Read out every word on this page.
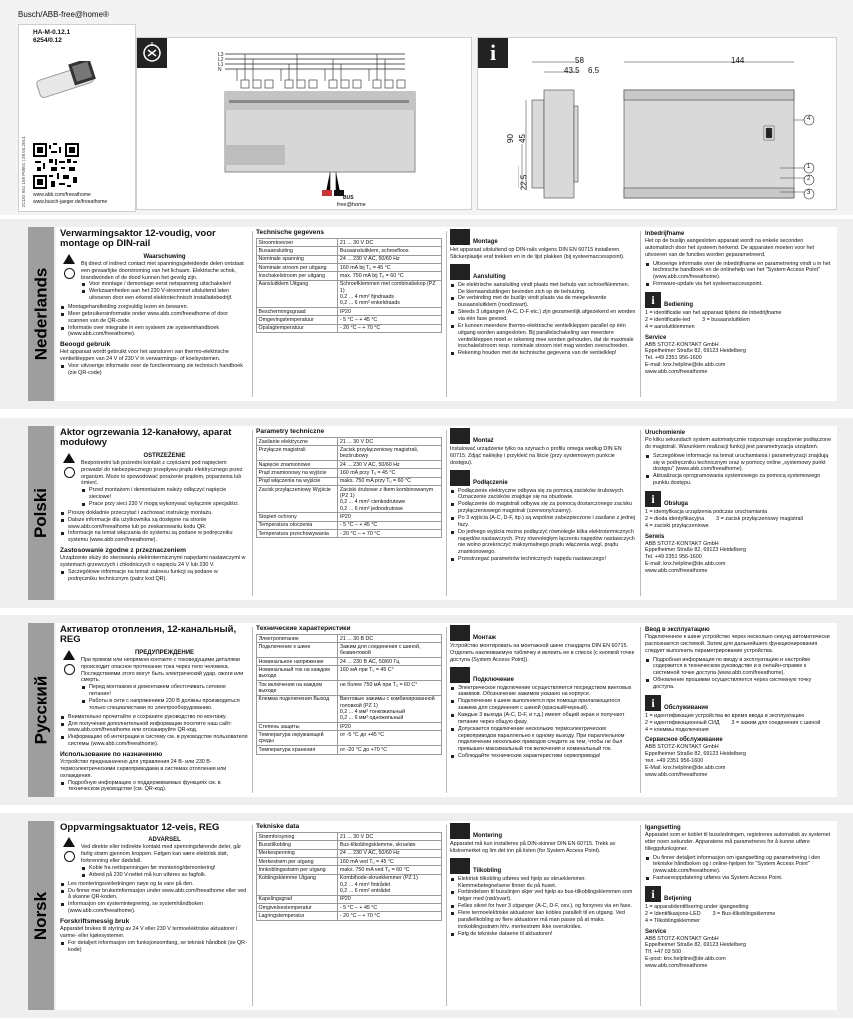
2CDG 941 158 P0001 | 28.04.2014
HA-M-0.12.1
6254/0.12
www.abb.com/freeathome
www.busch-jaeger.de/freeathome
Busch/ABB-free@home®
L3
L2
L1
N
BUS
free@home
i	58
43.5 6.5
144
90 45
22.5
4
1
2
3
Nederlands
Verwarmingsaktor 12-voudig, voor montage op DIN-rail
Waarschuwing

Bij direct of indirect contact met spanningsgeleidende delen ontstaat een gevaarlijke doorstroming van het lichaam. Elektrische schok, brandwonden of de dood kunnen het gevolg zijn.

Voor montage / demontage eerst netspanning uitschakelen!
Werkzaamheden aan het 230 V-stroomnet uitsluitend laten uitvoeren door een erkend elektrotechnisch installatiebedrijf.
Montagehandleiding zorgvuldig lezen en bewaren.
Meer gebruikersinformatie onder www.abb.com/freeathome of door scannen van de QR-code.
Informatie over integratie in een systeem zie systeemhandboek (www.abb.com/freeathome).
Beoogd gebruik

Het apparaat wordt gebruikt voor het aansturen van thermo-elektrische ventielkleppen van 24 V of 230 V in verwarmings- of koelsystemen.

Voor uitvoerige informatie over de functieomvang zie technisch handboek (zie QR-code)
Technische gegevens
Stroomtoevoer	21 ... 30 V DC
Busaansluiting	Busaansluitklem, schroefloos
Nominale spanning	24 ... 230 V AC, 50/60 Hz
Nominale stroom per uitgang	160 mA bij Tᵤ = 45 °C
Inschakelstroom per uitgang	max. 750 mA bij Tᵤ = 60 °C
Aansluitklem Uitgang	Schroefklemmen met combinatiekop (PZ 1)
0,2 ... 4 mm² fijndraads
0,2 ... 6 mm² enkeldraads
Beschermingsgraad	IP20
Omgevingstemperatuur	- 5 °C – + 45 °C
Opslagtemperatuur	- 20 °C – + 70 °C
Montage

Het apparaat uitsluitend op DIN-rails volgens DIN EN 60715 installeren. Stickerplaatje eraf trekken en in de lijst plakken (bij systeemaccesspoint).

Aansluiting
De elektrische aansluiting vindt plaats met behulp van schroefklemmen. De klemaanduidingen bevinden zich op de behuizing.
De verbinding met de buslijn vindt plaats via de meegeleverde busaansluitklem (rood/zwart).
Steeds 3 uitgangen (A-C, D-F etc.) zijn gezamenlijk afgezekerd en worden via één fase gevoed.
Er kunnen meerdere thermo-elektrische ventielkleppen parallel op één uitgang worden aangesloten. Bij parallelschakeling van meerdere ventielkleppen moet er rekening mee worden gehouden, dat de maximale inschakelstroom resp. nominale stroom niet mag worden overschreden.
Rekening houden met de technische gegevens van de ventielklep!
Inbedrijfname

Het op de buslijn aangesloten apparaat wordt na enkele seconden automatisch door het systeem herkend. De apparaten moeten voor het uitvoeren van de functies worden geparametreerd.

Uitvoerige informatie over de inbedrijfname en parametrering vindt u in het technische handboek en de onlinehelp van het "System Access Point" (www.abb.com/freeathome).
Firmware-update via het systeemaccesspoint.
i	Bediening

1 = identificatie van het apparaat tijdens de inbedrijfname

2 = identificatie-led        3 = busaansluitklem

4 = aansluitklemmen

Service

ABB STOTZ-KONTAKT GmbH

Eppelheimer Straße 82, 69123 Heidelberg

Tel. +49 2351 956-1600

E-mail: knx.helpline@de.abb.com

www.abb.com/freeathome

Polski
Aktor ogrzewania 12-kanałowy, aparat modułowy
OSTRZEŻENIE

Bezpośredni lub pośredni kontakt z częściami pod napięciem prowadzi do niebezpiecznego przepływu prądu elektrycznego przez organizm. Może to spowodować porażenie prądem, poparzenia lub śmierć.

Przed montażem i demontażem należy odłączyć napięcie sieciowe!
Prace przy sieci 230 V mogą wykonywać wyłącznie specjaliści.
Proszę dokładnie przeczytać i zachować instrukcję montażu.
Dalsze informacje dla użytkownika są dostępne na stronie www.abb.com/freeathome lub po zeskanowaniu kodu QR.
Informacje na temat włączania do systemu są podane w podręczniku systemu (www.abb.com/freeathome).
Zastosowanie zgodne z przeznaczeniem

Urządzenie służy do sterowania elektrotermicznymi napędami nastawczymi w systemach grzewczych i chłodniczych o napięciu 24 V lub 230 V.

Szczegółowe informacje na temat zakresu funkcji są podane w podręczniku technicznym (patrz kod QR).
Parametry techniczne
Zasilanie elektryczne	21 ... 30 V DC
Przyłącze magistrali	Zacisk przyłączeniowy magistrali, bezśrubowy
Napięcie znamionowe	24 ... 230 V AC, 50/60 Hz
Prąd znamionowy na wyjście	160 mA przy Tᵤ = 45 °C
Prąd włączenia na wyjście	maks. 750 mA przy Tᵤ = 60 °C
Zacisk przyłączeniowy Wyjście	Zaciski śrubowe z łbem kombinowanym (PZ 1)
0,2 ... 4 mm² cienkodrutowe
0,2 ... 6 mm² jednodrutowe
Stopień ochrony	IP20
Temperatura otoczenia	- 5 °C – + 45 °C
Temperatura przechowywania	- 20 °C – + 70 °C
Montaż

Instalować urządzenie tylko na szynach o profilu omega według DIN EN 60715. Zdjąć naklejkę i przykleić na liście (przy systemowym punkcie dostępu).

Podłączenie
Podłączenie elektryczne odbywa się za pomocą zacisków śrubowych. Oznaczenie zacisków znajduje się na obudowie.
Podłączenie do magistrali odbywa się za pomocą dostarczonego zacisku przyłączeniowego magistrali (czerwony/czarny).
Po 3 wyjścia (A-C, D-F, itp.) są wspólnie zabezpieczone i zasilane z jednej fazy.
Do jednego wyjścia można podłączyć równolegle kilka elektrotermicznych napędów nastawczych. Przy równoległym łączeniu napędów nastawczych nie wolno przekroczyć maksymalnego prądu włączenia wzgl. prądu znamionowego.
Przestrzegać parametrów technicznych napędu nastawczego!
Uruchomienie

Po kilku sekundach system automatycznie rozpoznaje urządzenie podłączone do magistrali. Warunkiem realizacji funkcji jest parametryzacja urządzeń.

Szczegółowe informacje na temat uruchamiania i parametryzacji znajdują się w podręczniku technicznym oraz w pomocy online „systemowy punkt dostępu" (www.abb.com/freeathome).
Aktualizacja oprogramowania systemowego za pomocą systemowego punktu dostępu.
i	Obsługa

1 = identyfikacja urządzenia podczas uruchamiania

2 = dioda identyfikacyjna        3 = zacisk przyłączeniowy magistrali

4 = zaciski przyłączeniowe

Serwis

ABB STOTZ-KONTAKT GmbH

Eppelheimer Straße 82, 69123 Heidelberg

Tel. +49 2351 956-1600

E-mail: knx.helpline@de.abb.com

www.abb.com/freeathome

Русский
Активатор отопления, 12-канальный, REG
ПРЕДУПРЕЖДЕНИЕ

При прямом или непрямом контакте с токоведущими деталями происходит опасное протекание тока через тело человека. Последствиями этого могут быть электрический удар, ожоги или смерть.

Перед монтажом и демонтажем обесточивать сетевое питание!
Работы в сети с напряжением 230 В должны производиться только специалистами по электрооборудованию.
Внимательно прочитайте и сохраните руководство по монтажу.
Для получения дополнительной информации посетите наш сайт: www.abb.com/freeathome или отсканируйте QR-код.
Информацию об интеграции в систему см. в руководстве пользователя системы (www.abb.com/freeathome).
Использование по назначению

Устройство предназначено для управления 24 В- или 230 В-термоэлектрическими сервоприводами в системах отопления или охлаждения.

Подробную информацию о поддерживаемых функциях см. в техническом руководстве (см. QR-код).
Технические характеристики
Электропитание	21 ... 30 В DC
Подключение к шине	Зажим для соединения с шиной, безвинтовой
Номинальное напряжение	24 ... 230 В AC, 50/60 Гц
Номинальный ток на каждом выходе	160 мА при Tᵤ = 45 C°
Ток включения на каждом выходе	не более 750 мА при Tᵤ = 60 C°
Клемма подключения Выход	Винтовые зажимы с комбинированной головкой (PZ 1)
0,2 ... 4 мм² тонкожильный
0,2 ... 6 мм² одножильный
Степень защиты	IP20
Температура окружающей среды	от -5 °C до +45 °C
Температура хранения	от -20 °C до +70 °C
Монтаж

Устройство монтировать на монтажной шине стандарта DIN EN 60715. Отделить наклеиваемую табличку и вклеить ее в список (с кнопкой точек доступа (System Access Point)).

Подключение
Электрическое подключение осуществляется посредством винтовых зажимов. Обозначение зажимов указано на корпусе.
Подключение к шине выполняется при помощи прилагающегося зажима для соединения с шиной (красный/черный).
Каждые 3 выхода (A-C, D-F, и т.д.) имеют общий экран и получают питание через общую фазу.
Допускается подключение нескольких термоэлектрических сервоприводов параллельно к одному выходу. При параллельном подключении нескольких приводов следите за тем, чтобы не был превышен максимальный ток включения и номинальный ток.
Соблюдайте технические характеристики сервопривода!
Ввод в эксплуатацию

Подключенное к шине устройство через несколько секунд автоматически распознается системой. Затем для дальнейшего функционирования следует выполнить параметрирование устройства.

Подробная информация по вводу в эксплуатацию и настройке содержится в техническом руководстве и в онлайн-справке к системной точке доступа (www.abb.com/freeathome).
Обновление прошивки осуществляется через системную точку доступа.
i	Обслуживание

1 = идентификация устройства во время ввода в эксплуатацию

2 = идентификационный СИД        3 = зажим для соединения с шиной

4 = клеммы подключения

Сервисное обслуживание

ABB STOTZ-KONTAKT GmbH

Eppelheimer Straße 82, 69123 Heidelberg

тел. +49 2351 956-1600

E-Mail: knx.helpline@de.abb.com

www.abb.com/freeathome

Norsk
Oppvarmingsaktuator 12-veis, REG
ADVARSEL

Ved direkte eller indirekte kontakt med spenningsførende deler, går farlig strøm gjennom kroppen. Følgen kan være elektrisk støt, forbrenning eller dødsfall.

Koble fra nettspenningen før montering/demontering!
Arbeid på 230 V-nettet må kun utføres av fagfolk.
Les monteringsveiledningen nøye og ta vare på den.
Du finner mer brukerinformasjon under www.abb.com/freeathome eller ved å skanne QR-koden.
Informasjon om systemintegrering, se systemhåndboken (www.abb.com/freeathome).
Forskriftsmessig bruk

Apparatet brukes til styring av 24 V eller 230 V termoelektriske aktuatorer i varme- eller kjølesystemer.

For detaljert informasjon om funksjonsomfang, se teknisk håndbok (se QR-kode)
Tekniske data
Strømforsyning	21 ... 30 V DC
Busstilkobling	Bus-tilkoblingsklemme, skrueløs
Merkespenning	24 ... 230 V AC, 50/60 Hz
Merkestrøm per utgang	160 mA ved Tᵤ = 45 °C
Innkoblingsstrøm per utgang	maks. 750 mA ved Tᵤ = 60 °C
Koblingsklemme Utgang	Kombihode-skrueklemmer (PZ 1)
0,2 ... 4 mm² fintrådet
0,2 ... 6 mm² entrådet
Kapslingsgrad	IP20
Omgivelsestemperatur	- 5 °C – + 45 °C
Lagringstemperatur	- 20 °C – + 70 °C
Montering

Apparatet må kun installeres på DIN-skinner DIN EN 60715. Trekk av klistremerket og lim det inn på listen (for System Access Point).

Tilkobling
Elektrisk tilkobling utføres ved hjelp av skrueklemmer. Klemmebetegnelsene finner du på huset.
Forbindelsen til busslinjen skjer ved hjelp av bus-tilkoblingsklemmen som følger med (rød/svart).
Felles sikret for hver 3 utganger (A-C, D-F, osv.), og forsynes via en fase.
Flere termoelektriske aktuatorer kan kobles parallelt til en utgang. Ved parallellkobling av flere aktuatorer må man passe på at maks. innkoblingsstrøm hhv. merkestrøm ikke overskrides.
Følg de tekniske dataene til aktuatoren!
Igangsetting

Apparatet som er koblet til bussledningen, registreres automatisk av systemet etter noen sekunder. Apparatene må parametreres for å kunne utføre tilleggsfunksjoner.

Du finner detaljert informasjon om igangsetting og parametrering i den tekniske håndboken og i online-hjelpen for "System Access Point" (www.abb.com/freeathome).
Fastvareoppdatering utføres via System Access Point.
i	Betjening

1 = apparatidentifisering under igangsetting

2 = Identifikasjons-LED        3 = Bus-tilkoblingsklemme

4 = Tilkoblingsklemmer

Service

ABB STOTZ-KONTAKT GmbH

Eppelheimer Straße 82, 69123 Heidelberg

Tlf. +47 03 500

E-post: knx.helpline@de.abb.com

www.abb.com/freeathome
